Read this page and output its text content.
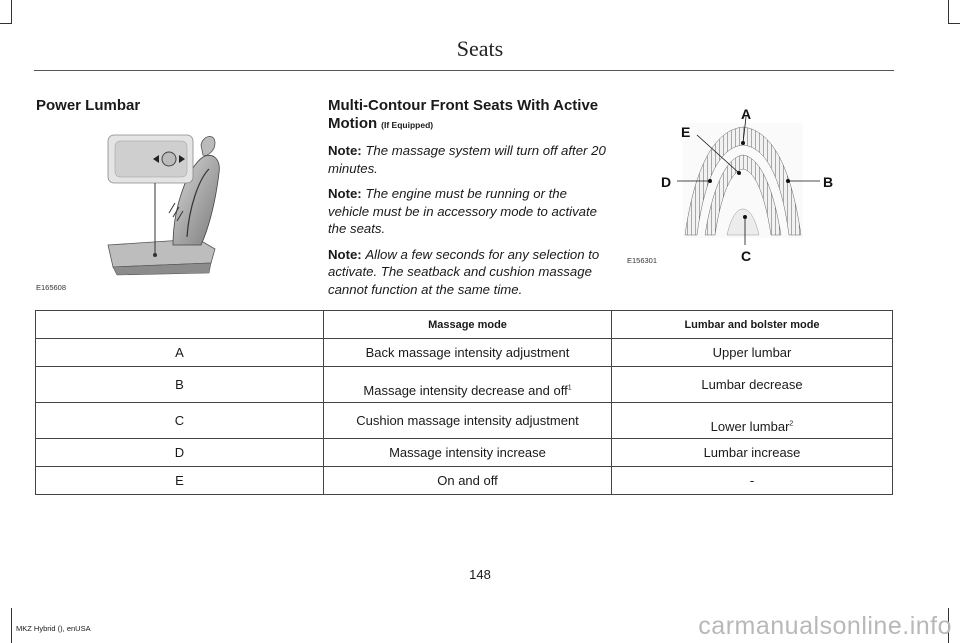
Seats
Power Lumbar	Multi-Contour Front Seats With Active Motion (If Equipped)

Note: The massage system will turn off after 20 minutes.

Note: The engine must be running or the vehicle must be in accessory mode to activate the seats.

Note: Allow a few seconds for any selection to activate. The seatback and cushion massage cannot function at the same time.

E165608
A
E
D	B
C
E156301
	Massage mode	Lumbar and bolster mode
A	Back massage intensity adjustment	Upper lumbar
B	Massage intensity decrease and off$^1$	Lumbar decrease
C	Cushion massage intensity adjustment	Lower lumbar$^2$
D	Massage intensity increase	Lumbar increase
E	On and off	-
148
MKZ Hybrid (), enUSA	carmanualsonline.info
